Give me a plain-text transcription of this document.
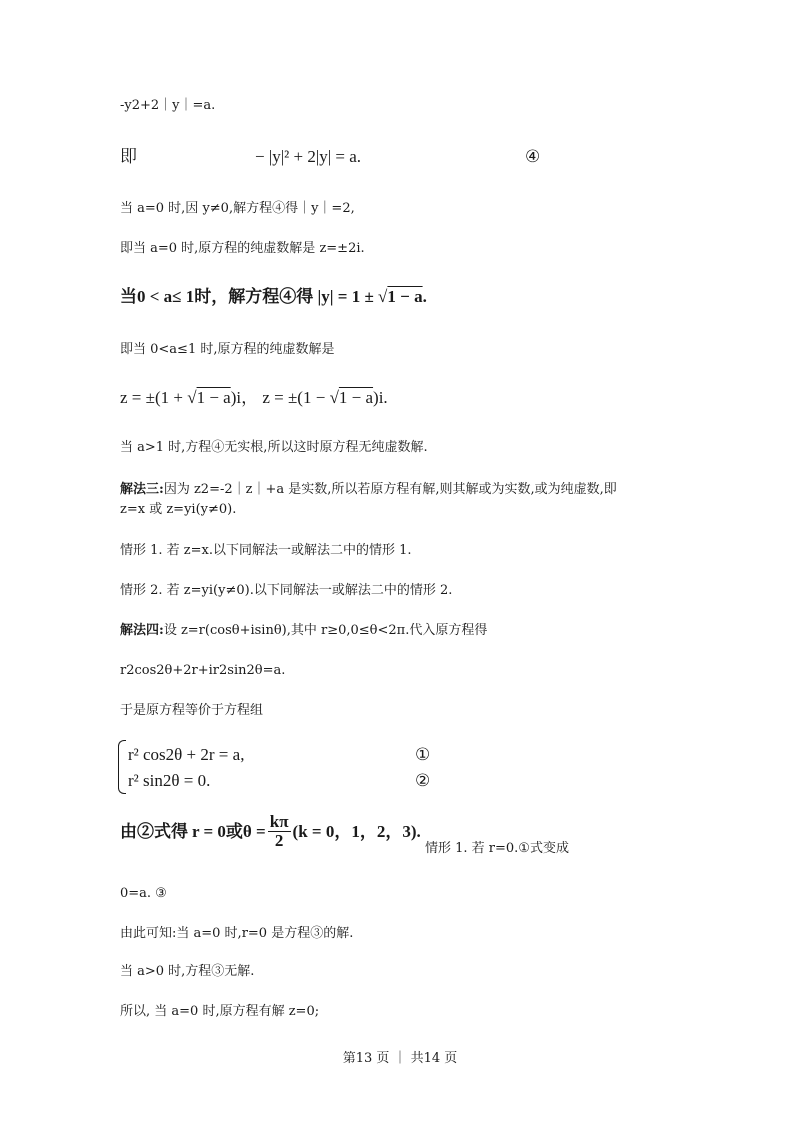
-y2+2｜y｜=a.
即	− |y|² + 2|y| = a.	④
当 a=0 时,因 y≠0,解方程④得｜y｜=2,
即当 a=0 时,原方程的纯虚数解是 z=±2i.
当0 < a≤ 1时，解方程④得 |y| = 1 ± √1 − a.
即当 0<a≤1 时,原方程的纯虚数解是
z = ±(1 + √1 − a)i， z = ±(1 − √1 − a)i.
当 a>1 时,方程④无实根,所以这时原方程无纯虚数解.
解法三:因为 z2=-2｜z｜+a 是实数,所以若原方程有解,则其解或为实数,或为纯虚数,即
z=x 或 z=yi(y≠0).
情形 1. 若 z=x.以下同解法一或解法二中的情形 1.
情形 2. 若 z=yi(y≠0).以下同解法一或解法二中的情形 2.
解法四:设 z=r(cosθ+isinθ),其中 r≥0,0≤θ<2π.代入原方程得
r2cos2θ+2r+ir2sin2θ=a.
于是原方程等价于方程组
r² cos2θ + 2r = a,	①
r² sin2θ = 0.	②
由②式得 r = 0或$\theta = \frac{k\pi}{2} (k = 0$，1，2，3).
情形 1. 若 r=0.①式变成
0=a. ③
由此可知:当 a=0 时,r=0 是方程③的解.
当 a>0 时,方程③无解.
所以, 当 a=0 时,原方程有解 z=0;
第13 页 ｜ 共14 页
